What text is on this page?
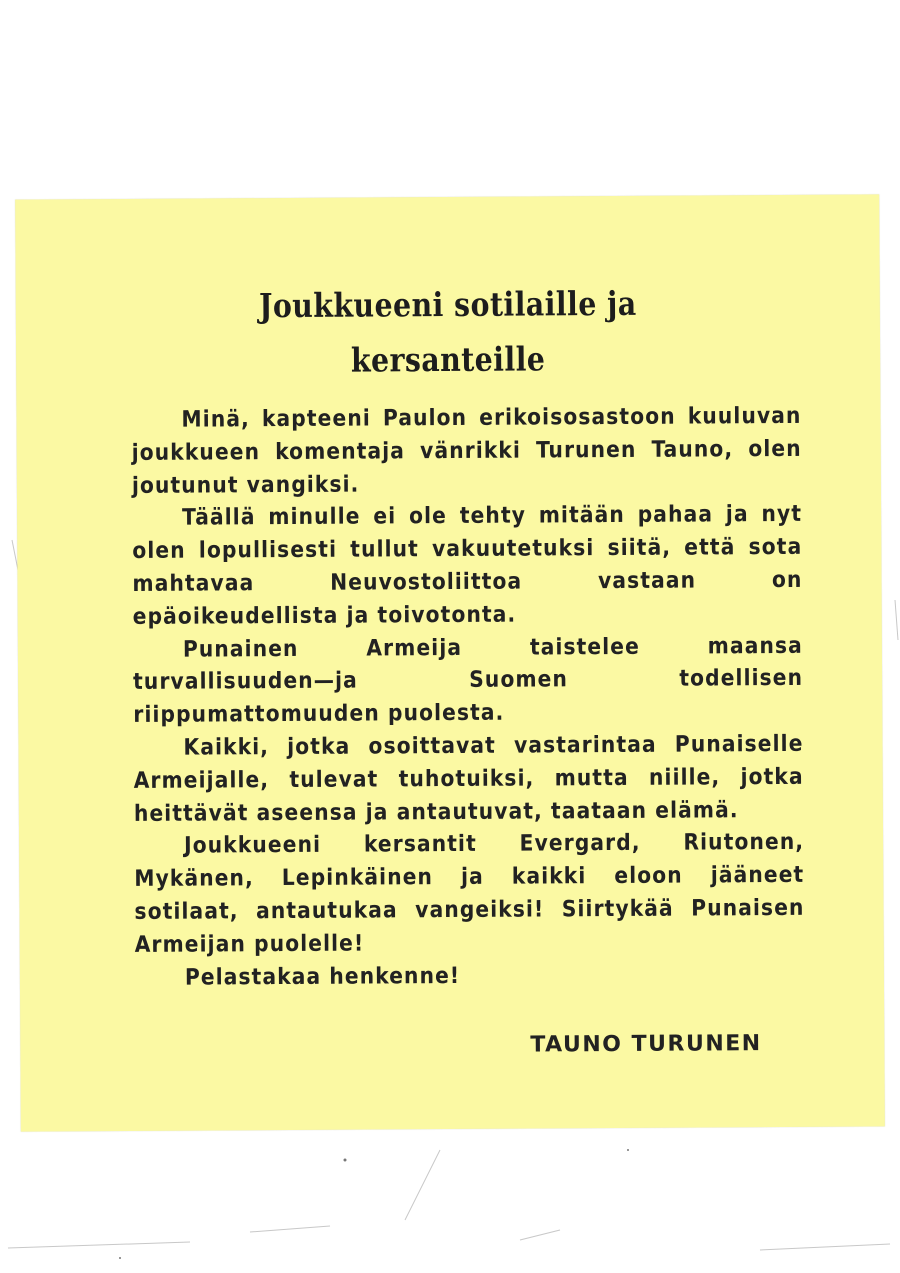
Joukkueeni sotilaille ja
kersanteille

Minä, kapteeni Paulon erikoisosastoon kuuluvan joukkueen komentaja vänrikki Turunen Tauno, olen joutunut vangiksi.

Täällä minulle ei ole tehty mitään pahaa ja nyt olen lopullisesti tullut vakuutetuksi siitä, että sota mahtavaa Neuvostoliittoa vastaan on epäoikeudellista ja toivotonta.

Punainen Armeija taistelee maansa turvallisuuden—ja Suomen todellisen riippumattomuuden puolesta.

Kaikki, jotka osoittavat vastarintaa Punaiselle Armeijalle, tulevat tuhotuiksi, mutta niille, jotka heittävät aseensa ja antautuvat, taataan elämä.

Joukkueeni kersantit Evergard, Riutonen, Mykänen, Lepinkäinen ja kaikki eloon jääneet sotilaat, antautukaa vangeiksi! Siirtykää Punaisen Armeijan puolelle!

Pelastakaa henkenne!

TAUNO TURUNEN
